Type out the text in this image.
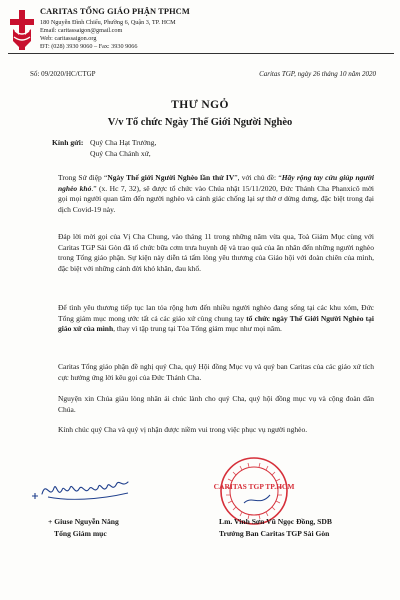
CARITAS TỔNG GIÁO PHẬN TPHCM
180 Nguyễn Đình Chiểu, Phường 6, Quận 3, TP. HCM
Email: caritassaigon@gmail.com
Web: caritassaigon.org
ĐT: (028) 3930 9060 – Fax: 3930 9066
Số: 09/2020/HC/CTGP	Caritas TGP, ngày 26 tháng 10 năm 2020
THƯ NGỎ
V/v Tổ chức Ngày Thế Giới Người Nghèo
Kính gửi: Quý Cha Hạt Trưởng,
Quý Cha Chánh xứ,

Trong Sứ điệp “Ngày Thế giới Người Nghèo lần thứ IV”, với chủ đề: “Hãy rộng tay cứu giúp người nghèo khó.” (x. Hc 7, 32), sẽ được tổ chức vào Chúa nhật 15/11/2020, Đức Thánh Cha Phanxicô mời gọi mọi người quan tâm đến người nghèo và cảnh giác chống lại sự thờ ơ dửng dưng, đặc biệt trong đại dịch Covid-19 này.

Đáp lời mời gọi của Vị Cha Chung, vào tháng 11 trong những năm vừa qua, Toà Giám Mục cùng với Caritas TGP Sài Gòn đã tổ chức bữa cơm trưa huynh đệ và trao quà của ân nhân đến những người nghèo trong Tổng giáo phận. Sự kiện này diễn tả tấm lòng yêu thương của Giáo hội với đoàn chiên của mình, đặc biệt với những cảnh đời khó khăn, đau khổ.

Để tình yêu thương tiếp tục lan tỏa rộng hơn đến nhiều người nghèo đang sống tại các khu xóm, Đức Tổng giám mục mong ước tất cả các giáo xứ cùng chung tay tổ chức ngày Thế Giới Người Nghèo tại giáo xứ của mình, thay vì tập trung tại Tòa Tổng giám mục như mọi năm.

Caritas Tổng giáo phận đề nghị quý Cha, quý Hội đồng Mục vụ và quý ban Caritas của các giáo xứ tích cực hưởng ứng lời kêu gọi của Đức Thánh Cha.

Nguyện xin Chúa giàu lòng nhân ái chúc lành cho quý Cha, quý hội đồng mục vụ và cộng đoàn dân Chúa.

Kính chúc quý Cha và quý vị nhận được niềm vui trong việc phục vụ người nghèo.

CARITAS TGP TP.HCM
+ Giuse Nguyễn Năng
Tổng Giám mục
Lm. Vinh Sơn Vũ Ngọc Đồng, SDB
Trưởng Ban Caritas TGP Sài Gòn
